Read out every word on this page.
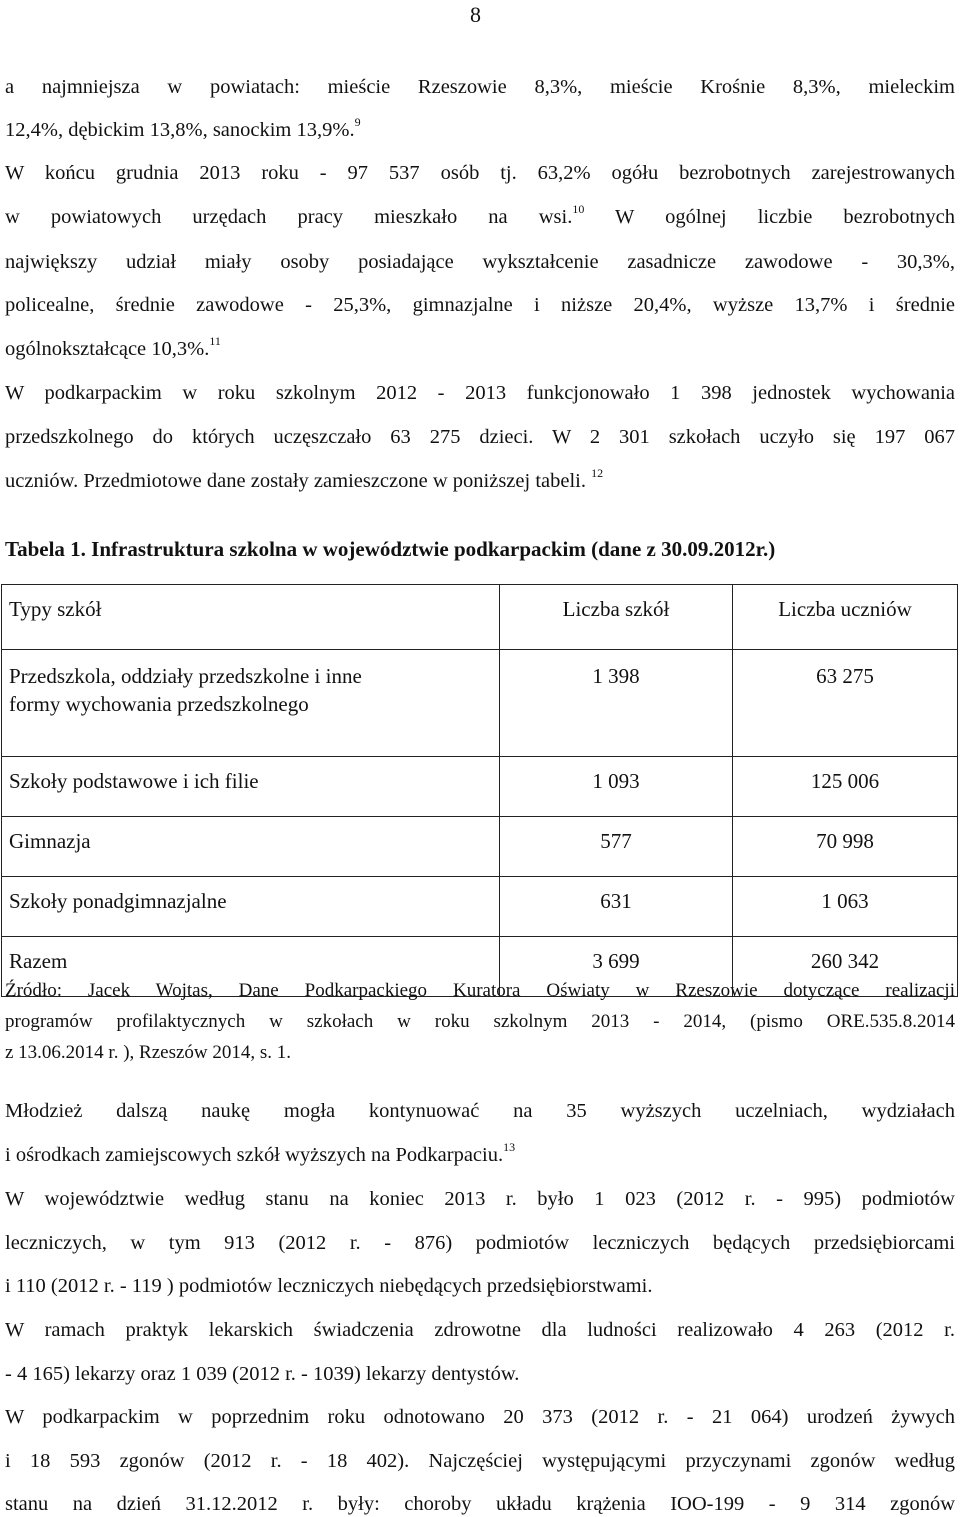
8
a najmniejsza w powiatach: mieście Rzeszowie 8,3%, mieście Krośnie 8,3%, mieleckim
12,4%, dębickim 13,8%, sanockim 13,9%.$^9$
W końcu grudnia 2013 roku - 97 537 osób tj. 63,2% ogółu bezrobotnych zarejestrowanych
w powiatowych urzędach pracy mieszkało na wsi.$^{10}$ W ogólnej liczbie bezrobotnych
największy udział miały osoby posiadające wykształcenie zasadnicze zawodowe - 30,3%,
policealne, średnie zawodowe - 25,3%, gimnazjalne i niższe 20,4%, wyższe 13,7% i średnie
ogólnokształcące 10,3%.$^{11}$
W podkarpackim w roku szkolnym 2012 - 2013 funkcjonowało 1 398 jednostek wychowania
przedszkolnego do których uczęszczało 63 275 dzieci. W 2 301 szkołach uczyło się 197 067
uczniów. Przedmiotowe dane zostały zamieszczone w poniższej tabeli. $^{12}$
Tabela 1. Infrastruktura szkolna w województwie podkarpackim (dane z 30.09.2012r.)
Typy szkół	Liczba szkół	Liczba uczniów
Przedszkola, oddziały przedszkolne i inne
formy wychowania przedszkolnego	1 398	63 275
Szkoły podstawowe i ich filie	1 093	125 006
Gimnazja	577	70 998
Szkoły ponadgimnazjalne	631	1 063
Razem	3 699	260 342
Źródło: Jacek Wojtas, Dane Podkarpackiego Kuratora Oświaty w Rzeszowie dotyczące realizacji
programów profilaktycznych w szkołach w roku szkolnym 2013 - 2014, (pismo ORE.535.8.2014
z 13.06.2014 r. ), Rzeszów 2014, s. 1.
Młodzież dalszą naukę mogła kontynuować na 35 wyższych uczelniach, wydziałach
i ośrodkach zamiejscowych szkół wyższych na Podkarpaciu.$^{13}$
W województwie według stanu na koniec 2013 r. było 1 023 (2012 r. - 995) podmiotów
leczniczych, w tym 913 (2012 r. - 876) podmiotów leczniczych będących przedsiębiorcami
i 110 (2012 r. - 119 ) podmiotów leczniczych niebędących przedsiębiorstwami.
W ramach praktyk lekarskich świadczenia zdrowotne dla ludności realizowało 4 263 (2012 r.
- 4 165) lekarzy oraz 1 039 (2012 r. - 1039) lekarzy dentystów.
W podkarpackim w poprzednim roku odnotowano 20 373 (2012 r. - 21 064) urodzeń żywych
i 18 593 zgonów (2012 r. - 18 402). Najczęściej występującymi przyczynami zgonów według
stanu na dzień 31.12.2012 r. były: choroby układu krążenia IOO-199 - 9 314 zgonów
